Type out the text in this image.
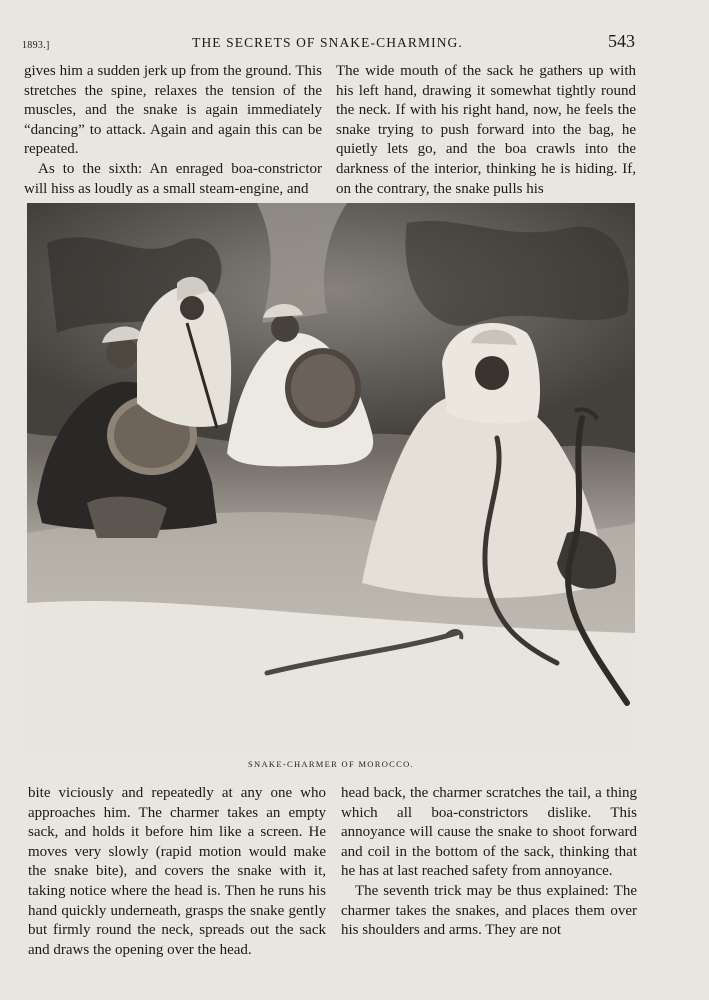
1893.]	THE SECRETS OF SNAKE-CHARMING.	543

gives him a sudden jerk up from the ground. This stretches the spine, relaxes the tension of the muscles, and the snake is again immediately “dancing” to attack. Again and again this can be repeated.

As to the sixth: An enraged boa-constrictor will hiss as loudly as a small steam-engine, and

The wide mouth of the sack he gathers up with his left hand, drawing it somewhat tightly round the neck. If with his right hand, now, he feels the snake trying to push forward into the bag, he quietly lets go, and the boa crawls into the darkness of the interior, thinking he is hiding. If, on the contrary, the snake pulls his

SNAKE-CHARMER OF MOROCCO.

bite viciously and repeatedly at any one who approaches him. The charmer takes an empty sack, and holds it before him like a screen. He moves very slowly (rapid motion would make the snake bite), and covers the snake with it, taking notice where the head is. Then he runs his hand quickly underneath, grasps the snake gently but firmly round the neck, spreads out the sack and draws the opening over the head.

head back, the charmer scratches the tail, a thing which all boa-constrictors dislike. This annoyance will cause the snake to shoot forward and coil in the bottom of the sack, thinking that he has at last reached safety from annoyance.

The seventh trick may be thus explained: The charmer takes the snakes, and places them over his shoulders and arms. They are not
